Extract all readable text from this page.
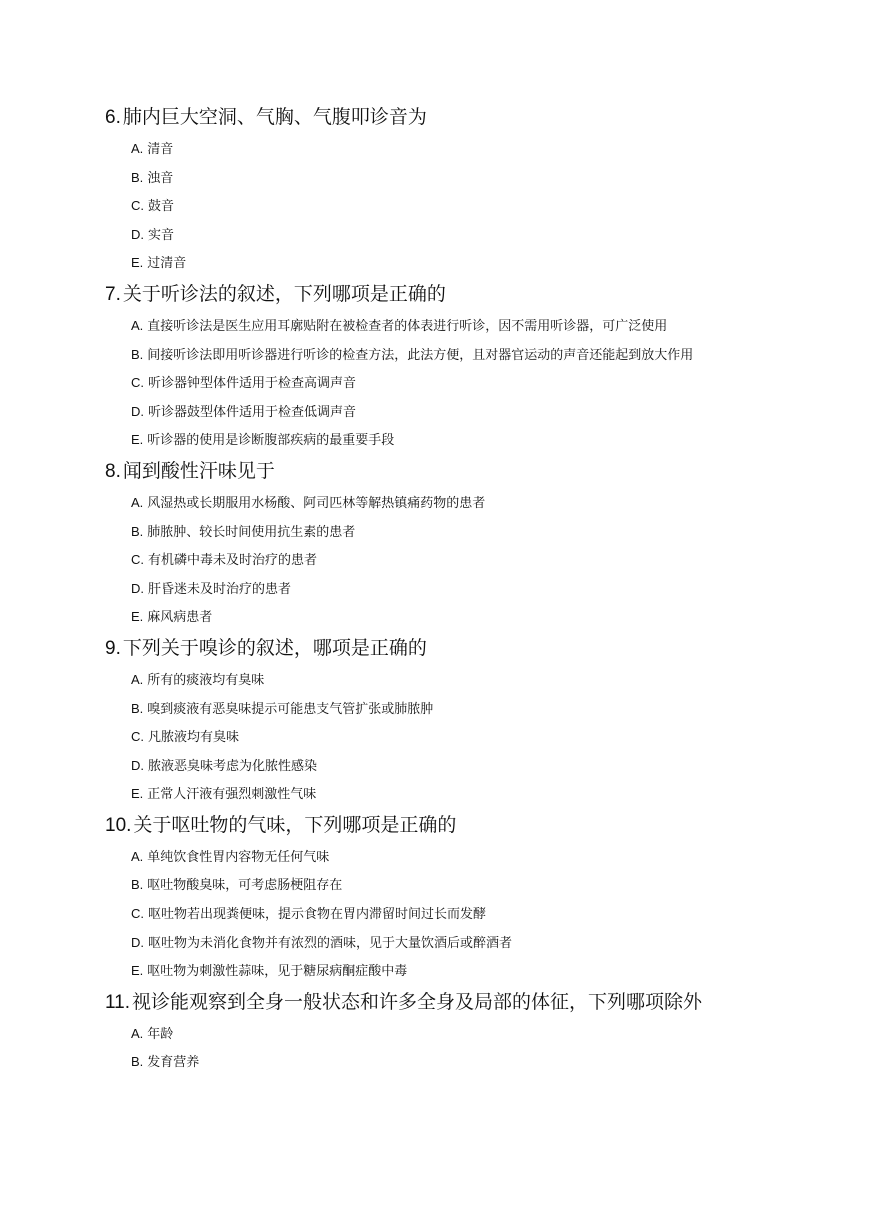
6. 肺内巨大空洞、气胸、气腹叩诊音为
A. 清音
B. 浊音
C. 鼓音
D. 实音
E. 过清音
7. 关于听诊法的叙述，下列哪项是正确的
A. 直接听诊法是医生应用耳廓贴附在被检查者的体表进行听诊，因不需用听诊器，可广泛使用
B. 间接听诊法即用听诊器进行听诊的检查方法，此法方便，且对器官运动的声音还能起到放大作用
C. 听诊器钟型体件适用于检查高调声音
D. 听诊器鼓型体件适用于检查低调声音
E. 听诊器的使用是诊断腹部疾病的最重要手段
8. 闻到酸性汗味见于
A. 风湿热或长期服用水杨酸、阿司匹林等解热镇痛药物的患者
B. 肺脓肿、较长时间使用抗生素的患者
C. 有机磷中毒未及时治疗的患者
D. 肝昏迷未及时治疗的患者
E. 麻风病患者
9. 下列关于嗅诊的叙述，哪项是正确的
A. 所有的痰液均有臭味
B. 嗅到痰液有恶臭味提示可能患支气管扩张或肺脓肿
C. 凡脓液均有臭味
D. 脓液恶臭味考虑为化脓性感染
E. 正常人汗液有强烈刺激性气味
10. 关于呕吐物的气味，下列哪项是正确的
A. 单纯饮食性胃内容物无任何气味
B. 呕吐物酸臭味，可考虑肠梗阻存在
C. 呕吐物若出现粪便味，提示食物在胃内滞留时间过长而发酵
D. 呕吐物为未消化食物并有浓烈的酒味，见于大量饮酒后或醉酒者
E. 呕吐物为刺激性蒜味，见于糖尿病酮症酸中毒
11. 视诊能观察到全身一般状态和许多全身及局部的体征，下列哪项除外
A. 年龄
B. 发育营养
